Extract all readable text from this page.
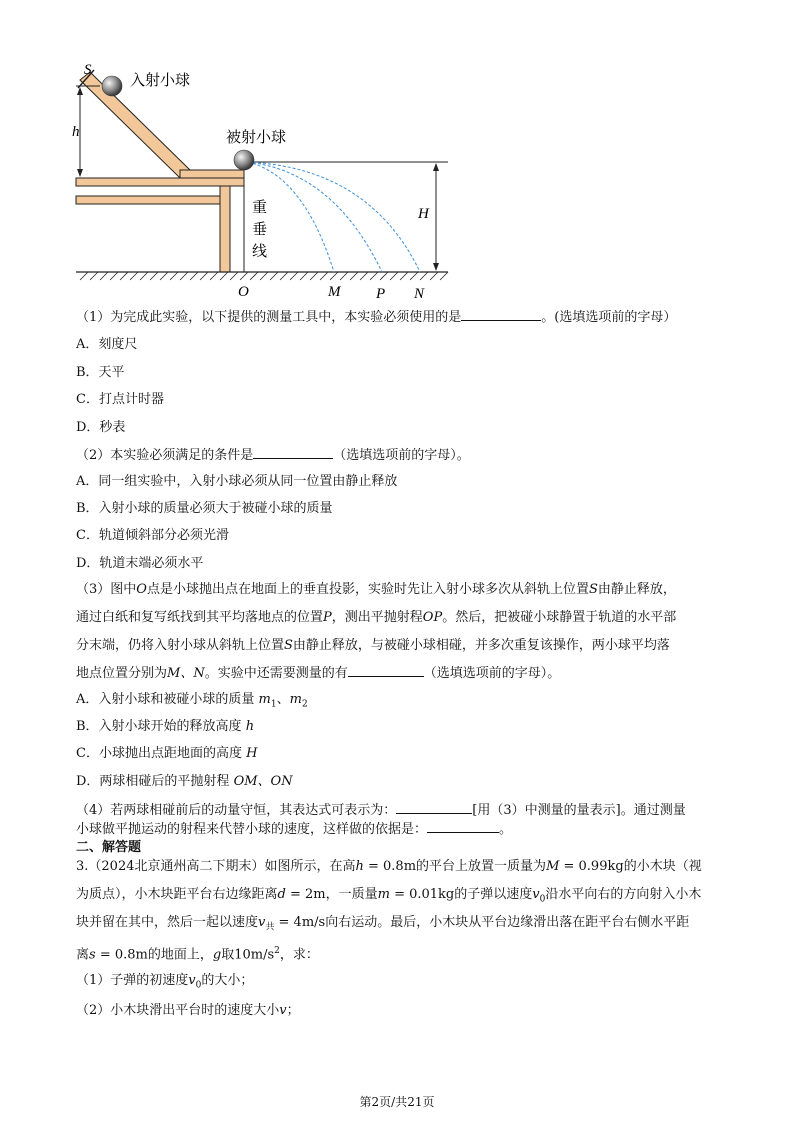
S
入射小球
h	被射小球
重
垂
线
H
O	M P N
（1）为完成此实验，以下提供的测量工具中，本实验必须使用的是	。(选填选项前的字母）
A．刻度尺
B．天平
C．打点计时器
D．秒表
（2）本实验必须满足的条件是	（选填选项前的字母）。
A．同一组实验中，入射小球必须从同一位置由静止释放
B．入射小球的质量必须大于被碰小球的质量
C．轨道倾斜部分必须光滑
D．轨道末端必须水平
（3）图中O点是小球抛出点在地面上的垂直投影，实验时先让入射小球多次从斜轨上位置S由静止释放，
通过白纸和复写纸找到其平均落地点的位置P，测出平抛射程OP。然后，把被碰小球静置于轨道的水平部
分末端，仍将入射小球从斜轨上位置S由静止释放，与被碰小球相碰，并多次重复该操作，两小球平均落
地点位置分别为M、N。实验中还需要测量的有	（选填选项前的字母）。
A．入射小球和被碰小球的质量 $m_1$、$m_2$
B．入射小球开始的释放高度 h
C．小球抛出点距地面的高度 H
D．两球相碰后的平抛射程 OM、ON
（4）若两球相碰前后的动量守恒，其表达式可表示为：	[用（3）中测量的量表示]。通过测量
小球做平抛运动的射程来代替小球的速度，这样做的依据是：	。
二、解答题
3.（2024北京通州高二下期末）如图所示，在高h = 0.8m的平台上放置一质量为M = 0.99kg的小木块（视
为质点），小木块距平台右边缘距离d = 2m，一质量m = 0.01kg的子弹以速度$v_0$沿水平向右的方向射入小木
块并留在其中，然后一起以速度$v_共 = 4m/s$向右运动。最后，小木块从平台边缘滑出落在距平台右侧水平距
离s = 0.8m的地面上，g取$10m/s^2$，求：
（1）子弹的初速度$v_0$的大小；
（2）小木块滑出平台时的速度大小v；
第2页/共21页
